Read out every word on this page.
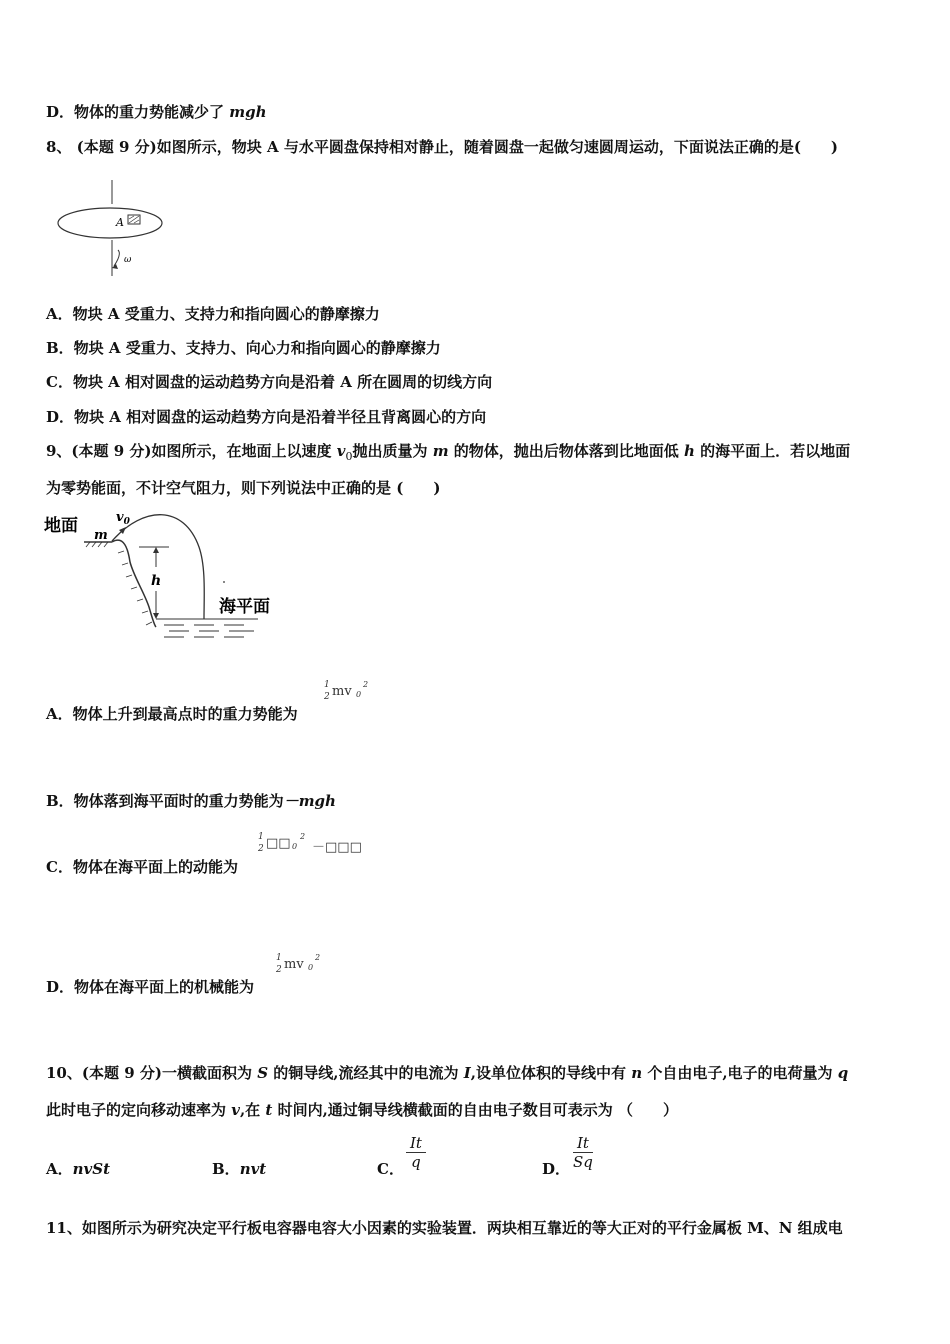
D．物体的重力势能减少了 mgh
8、 (本题 9 分)如图所示，物块 A 与水平圆盘保持相对静止，随着圆盘一起做匀速圆周运动，下面说法正确的是(　　)
A
ω
A．物块 A 受重力、支持力和指向圆心的静摩擦力
B．物块 A 受重力、支持力、向心力和指向圆心的静摩擦力
C．物块 A 相对圆盘的运动趋势方向是沿着 A 所在圆周的切线方向
D．物块 A 相对圆盘的运动趋势方向是沿着半径且背离圆心的方向
9、(本题 9 分)如图所示，在地面上以速度 $v_0$抛出质量为 m 的物体，抛出后物体落到比地面低 h 的海平面上．若以地面
为零势能面，不计空气阻力，则下列说法中正确的是 (　　)
地面	$v_0$
m
h
海平面
A．物体上升到最高点时的重力势能为
1
2 mv 0
2
B．物体落到海平面时的重力势能为－mgh
C．物体在海平面上的动能为
1
2 □□ 0
2
－□□□
D．物体在海平面上的机械能为
1
2 mv 0
2
10、(本题 9 分)一横截面积为 S 的铜导线,流经其中的电流为 I,设单位体积的导线中有 n 个自由电子,电子的电荷量为 q
此时电子的定向移动速率为 v,在 t 时间内,通过铜导线横截面的自由电子数目可表示为 （　　）
A．nvSt	B．nvt	C． $\frac{It}{q}$	D． $\frac{It}{Sq}$
11、如图所示为研究决定平行板电容器电容大小因素的实验装置．两块相互靠近的等大正对的平行金属板 M、N 组成电
